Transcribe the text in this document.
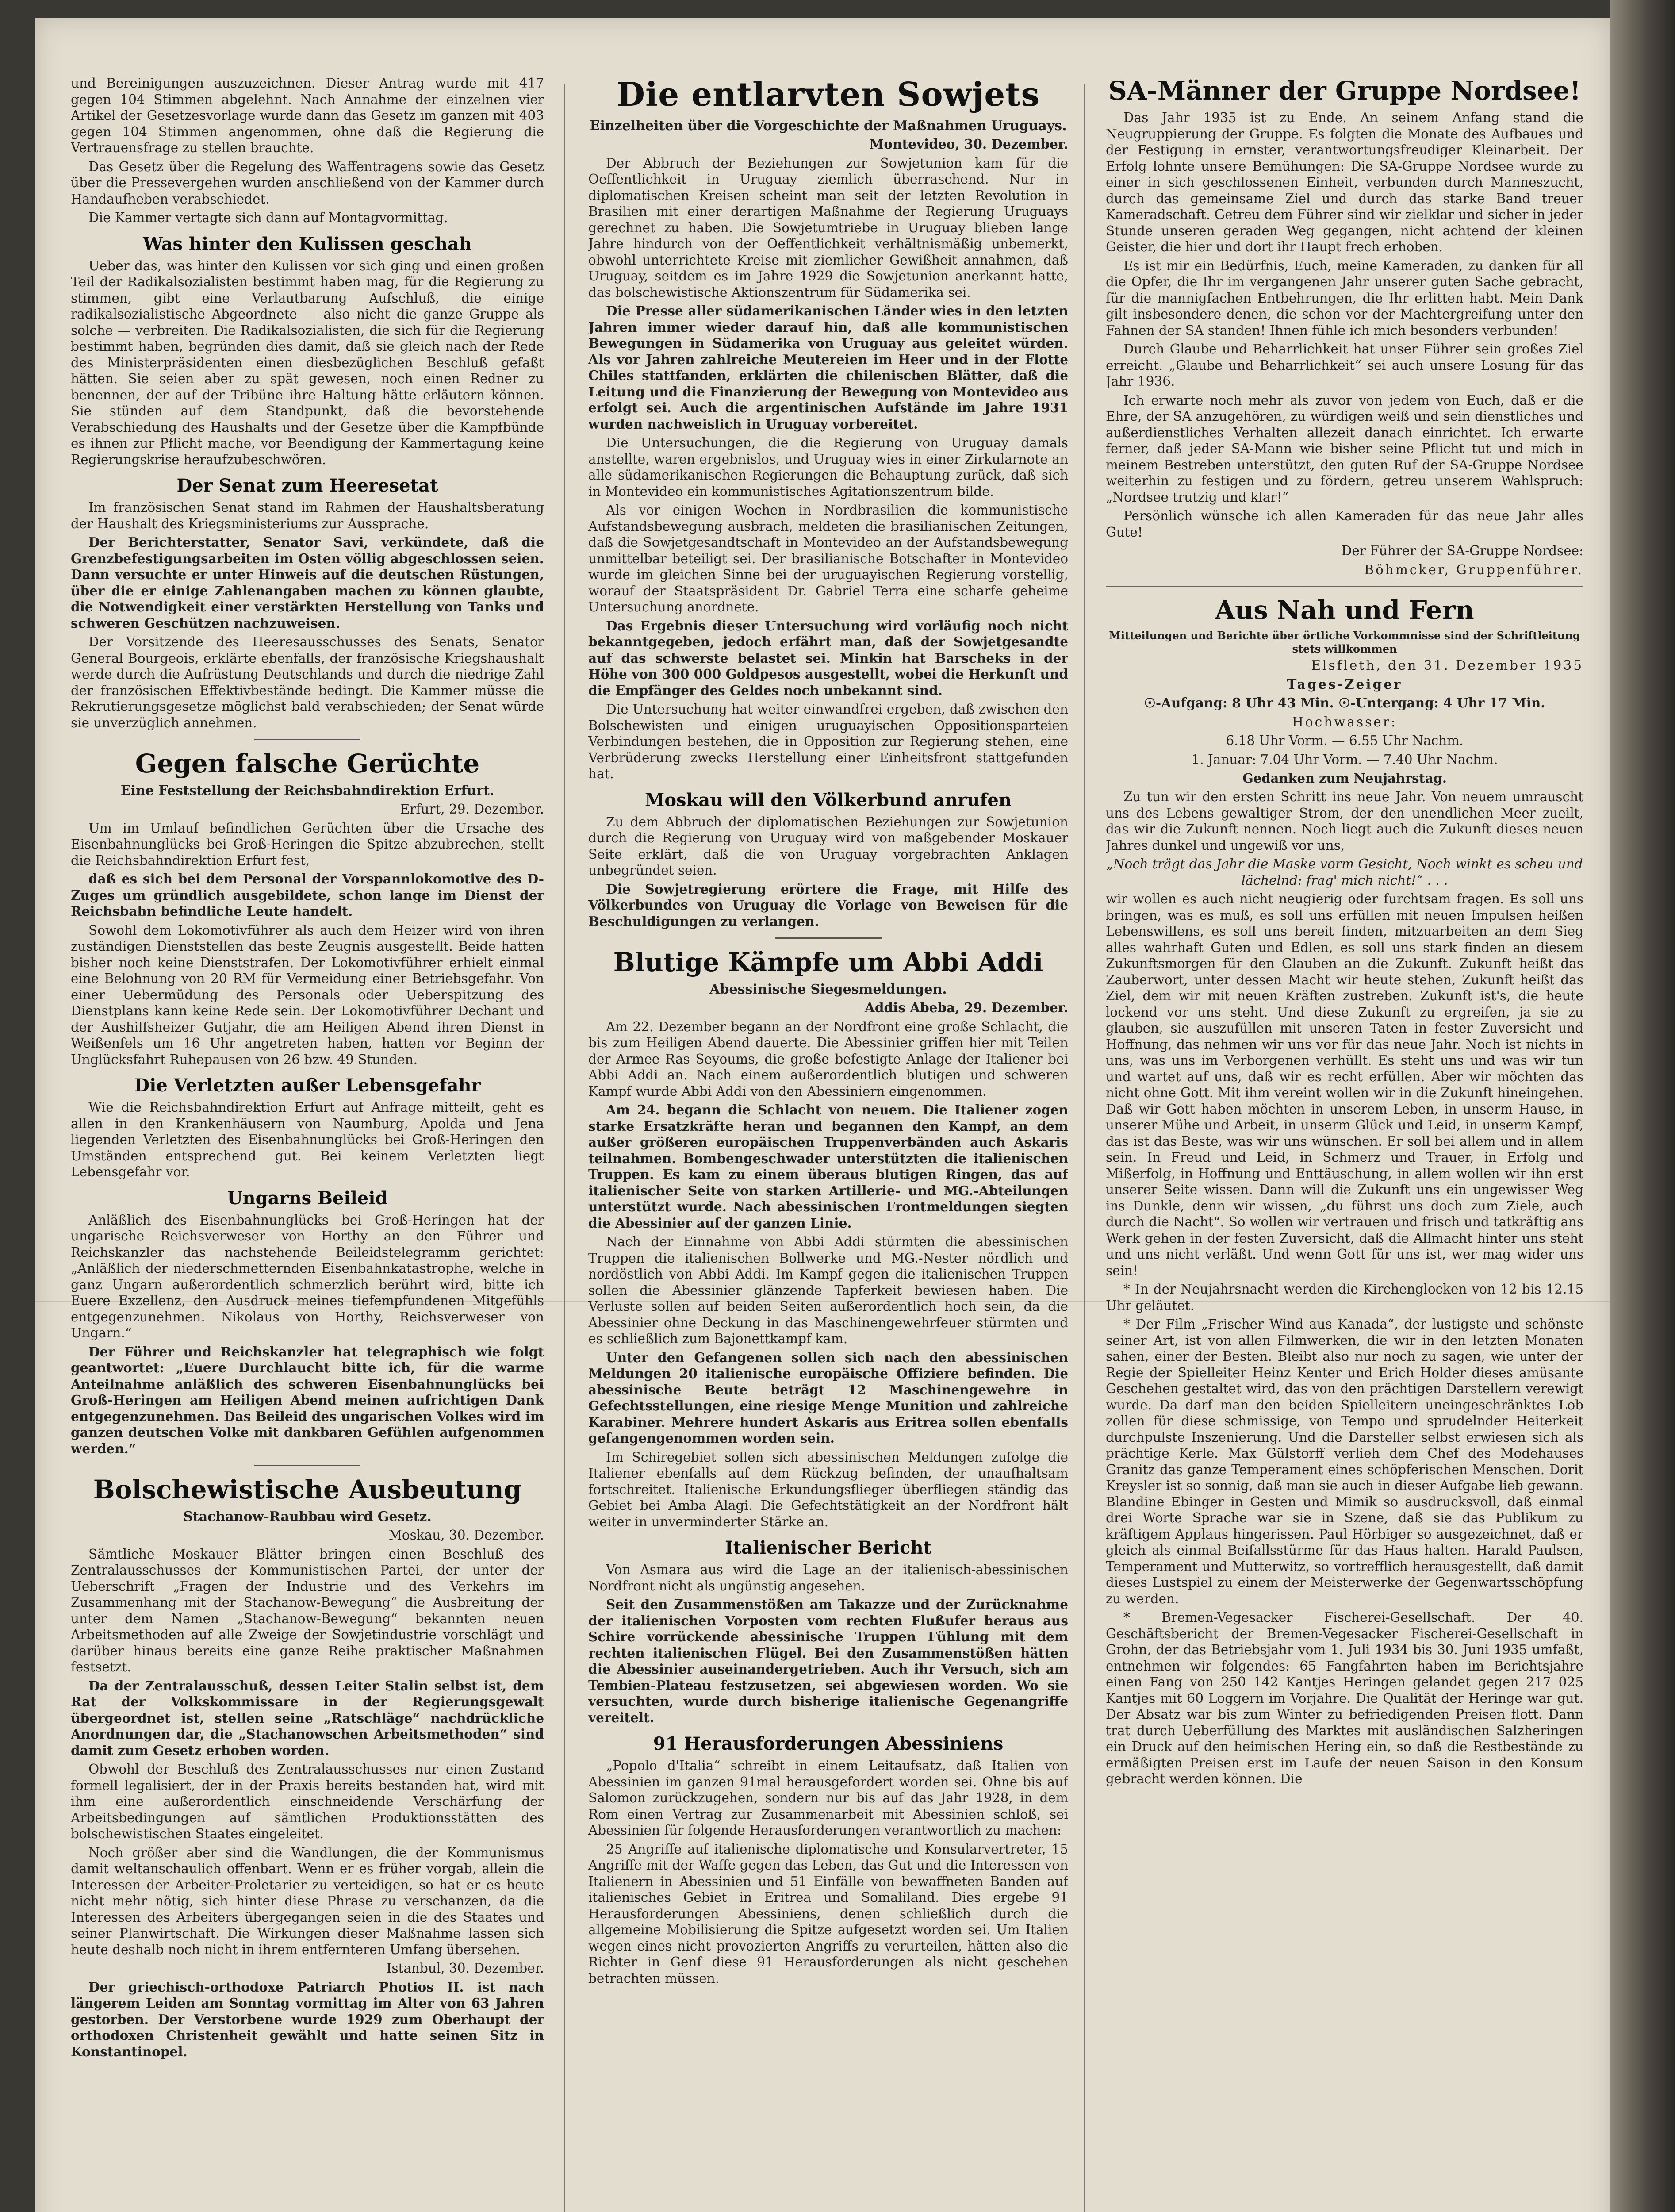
und Bereinigungen auszuzeichnen. Dieser Antrag wurde mit 417 gegen 104 Stimmen abgelehnt. Nach Annahme der einzelnen vier Artikel der Gesetzesvorlage wurde dann das Gesetz im ganzen mit 403 gegen 104 Stimmen angenommen, ohne daß die Regierung die Vertrauensfrage zu stellen brauchte.

Das Gesetz über die Regelung des Waffentragens sowie das Gesetz über die Pressevergehen wurden anschließend von der Kammer durch Handaufheben verabschiedet.

Die Kammer vertagte sich dann auf Montagvormittag.

Was hinter den Kulissen geschah

Ueber das, was hinter den Kulissen vor sich ging und einen großen Teil der Radikalsozialisten bestimmt haben mag, für die Regierung zu stimmen, gibt eine Verlautbarung Aufschluß, die einige radikalsozialistische Abgeordnete — also nicht die ganze Gruppe als solche — verbreiten. Die Radikalsozialisten, die sich für die Regierung bestimmt haben, begründen dies damit, daß sie gleich nach der Rede des Ministerpräsidenten einen diesbezüglichen Beschluß gefaßt hätten. Sie seien aber zu spät gewesen, noch einen Redner zu benennen, der auf der Tribüne ihre Haltung hätte erläutern können. Sie stünden auf dem Standpunkt, daß die bevorstehende Verabschiedung des Haushalts und der Gesetze über die Kampfbünde es ihnen zur Pflicht mache, vor Beendigung der Kammertagung keine Regierungskrise heraufzubeschwören.

Der Senat zum Heeresetat

Im französischen Senat stand im Rahmen der Haushaltsberatung der Haushalt des Kriegsministeriums zur Aussprache.

Der Berichterstatter, Senator Savi, verkündete, daß die Grenzbefestigungsarbeiten im Osten völlig abgeschlossen seien. Dann versuchte er unter Hinweis auf die deutschen Rüstungen, über die er einige Zahlenangaben machen zu können glaubte, die Notwendigkeit einer verstärkten Herstellung von Tanks und schweren Geschützen nachzuweisen.

Der Vorsitzende des Heeresausschusses des Senats, Senator General Bourgeois, erklärte ebenfalls, der französische Kriegshaushalt werde durch die Aufrüstung Deutschlands und durch die niedrige Zahl der französischen Effektivbestände bedingt. Die Kammer müsse die Rekrutierungsgesetze möglichst bald verabschieden; der Senat würde sie unverzüglich annehmen.

Gegen falsche Gerüchte
Eine Feststellung der Reichsbahndirektion Erfurt.

Erfurt, 29. Dezember.

Um im Umlauf befindlichen Gerüchten über die Ursache des Eisenbahnunglücks bei Groß-Heringen die Spitze abzubrechen, stellt die Reichsbahndirektion Erfurt fest,

daß es sich bei dem Personal der Vorspannlokomotive des D-Zuges um gründlich ausgebildete, schon lange im Dienst der Reichsbahn befindliche Leute handelt.

Sowohl dem Lokomotivführer als auch dem Heizer wird von ihren zuständigen Dienststellen das beste Zeugnis ausgestellt. Beide hatten bisher noch keine Dienststrafen. Der Lokomotivführer erhielt einmal eine Belohnung von 20 RM für Vermeidung einer Betriebsgefahr. Von einer Uebermüdung des Personals oder Ueberspitzung des Dienstplans kann keine Rede sein. Der Lokomotivführer Dechant und der Aushilfsheizer Gutjahr, die am Heiligen Abend ihren Dienst in Weißenfels um 16 Uhr angetreten haben, hatten vor Beginn der Unglücksfahrt Ruhepausen von 26 bzw. 49 Stunden.

Die Verletzten außer Lebensgefahr

Wie die Reichsbahndirektion Erfurt auf Anfrage mitteilt, geht es allen in den Krankenhäusern von Naumburg, Apolda und Jena liegenden Verletzten des Eisenbahnunglücks bei Groß-Heringen den Umständen entsprechend gut. Bei keinem Verletzten liegt Lebensgefahr vor.

Ungarns Beileid

Anläßlich des Eisenbahnunglücks bei Groß-Heringen hat der ungarische Reichsverweser von Horthy an den Führer und Reichskanzler das nachstehende Beileidstelegramm gerichtet: „Anläßlich der niederschmetternden Eisenbahnkatastrophe, welche in ganz Ungarn außerordentlich schmerzlich berührt wird, bitte ich Euere Exzellenz, den Ausdruck meines tiefempfundenen Mitgefühls entgegenzunehmen. Nikolaus von Horthy, Reichsverweser von Ungarn.“

Der Führer und Reichskanzler hat telegraphisch wie folgt geantwortet: „Euere Durchlaucht bitte ich, für die warme Anteilnahme anläßlich des schweren Eisenbahnunglücks bei Groß-Heringen am Heiligen Abend meinen aufrichtigen Dank entgegenzunehmen. Das Beileid des ungarischen Volkes wird im ganzen deutschen Volke mit dankbaren Gefühlen aufgenommen werden.“

Bolschewistische Ausbeutung
Stachanow-Raubbau wird Gesetz.

Moskau, 30. Dezember.

Sämtliche Moskauer Blätter bringen einen Beschluß des Zentralausschusses der Kommunistischen Partei, der unter der Ueberschrift „Fragen der Industrie und des Verkehrs im Zusammenhang mit der Stachanow-Bewegung“ die Ausbreitung der unter dem Namen „Stachanow-Bewegung“ bekannten neuen Arbeitsmethoden auf alle Zweige der Sowjetindustrie vorschlägt und darüber hinaus bereits eine ganze Reihe praktischer Maßnahmen festsetzt.

Da der Zentralausschuß, dessen Leiter Stalin selbst ist, dem Rat der Volkskommissare in der Regierungsgewalt übergeordnet ist, stellen seine „Ratschläge“ nachdrückliche Anordnungen dar, die „Stachanowschen Arbeitsmethoden“ sind damit zum Gesetz erhoben worden.

Obwohl der Beschluß des Zentralausschusses nur einen Zustand formell legalisiert, der in der Praxis bereits bestanden hat, wird mit ihm eine außerordentlich einschneidende Verschärfung der Arbeitsbedingungen auf sämtlichen Produktionsstätten des bolschewistischen Staates eingeleitet.

Noch größer aber sind die Wandlungen, die der Kommunismus damit weltanschaulich offenbart. Wenn er es früher vorgab, allein die Interessen der Arbeiter-Proletarier zu verteidigen, so hat er es heute nicht mehr nötig, sich hinter diese Phrase zu verschanzen, da die Interessen des Arbeiters übergegangen seien in die des Staates und seiner Planwirtschaft. Die Wirkungen dieser Maßnahme lassen sich heute deshalb noch nicht in ihrem entfernteren Umfang übersehen.

Istanbul, 30. Dezember.

Der griechisch-orthodoxe Patriarch Photios II. ist nach längerem Leiden am Sonntag vormittag im Alter von 63 Jahren gestorben. Der Verstorbene wurde 1929 zum Oberhaupt der orthodoxen Christenheit gewählt und hatte seinen Sitz in Konstantinopel.

Die entlarvten Sowjets
Einzelheiten über die Vorgeschichte der Maßnahmen Uruguays.

Montevideo, 30. Dezember.

Der Abbruch der Beziehungen zur Sowjetunion kam für die Oeffentlichkeit in Uruguay ziemlich überraschend. Nur in diplomatischen Kreisen scheint man seit der letzten Revolution in Brasilien mit einer derartigen Maßnahme der Regierung Uruguays gerechnet zu haben. Die Sowjetumtriebe in Uruguay blieben lange Jahre hindurch von der Oeffentlichkeit verhältnismäßig unbemerkt, obwohl unterrichtete Kreise mit ziemlicher Gewißheit annahmen, daß Uruguay, seitdem es im Jahre 1929 die Sowjetunion anerkannt hatte, das bolschewistische Aktionszentrum für Südamerika sei.

Die Presse aller südamerikanischen Länder wies in den letzten Jahren immer wieder darauf hin, daß alle kommunistischen Bewegungen in Südamerika von Uruguay aus geleitet würden. Als vor Jahren zahlreiche Meutereien im Heer und in der Flotte Chiles stattfanden, erklärten die chilenischen Blätter, daß die Leitung und die Finanzierung der Bewegung von Montevideo aus erfolgt sei. Auch die argentinischen Aufstände im Jahre 1931 wurden nachweislich in Uruguay vorbereitet.

Die Untersuchungen, die die Regierung von Uruguay damals anstellte, waren ergebnislos, und Uruguay wies in einer Zirkularnote an alle südamerikanischen Regierungen die Behauptung zurück, daß sich in Montevideo ein kommunistisches Agitationszentrum bilde.

Als vor einigen Wochen in Nordbrasilien die kommunistische Aufstandsbewegung ausbrach, meldeten die brasilianischen Zeitungen, daß die Sowjetgesandtschaft in Montevideo an der Aufstandsbewegung unmittelbar beteiligt sei. Der brasilianische Botschafter in Montevideo wurde im gleichen Sinne bei der uruguayischen Regierung vorstellig, worauf der Staatspräsident Dr. Gabriel Terra eine scharfe geheime Untersuchung anordnete.

Das Ergebnis dieser Untersuchung wird vorläufig noch nicht bekanntgegeben, jedoch erfährt man, daß der Sowjetgesandte auf das schwerste belastet sei. Minkin hat Barscheks in der Höhe von 300 000 Goldpesos ausgestellt, wobei die Herkunft und die Empfänger des Geldes noch unbekannt sind.

Die Untersuchung hat weiter einwandfrei ergeben, daß zwischen den Bolschewisten und einigen uruguayischen Oppositionsparteien Verbindungen bestehen, die in Opposition zur Regierung stehen, eine Verbrüderung zwecks Herstellung einer Einheitsfront stattgefunden hat.

Moskau will den Völkerbund anrufen

Zu dem Abbruch der diplomatischen Beziehungen zur Sowjetunion durch die Regierung von Uruguay wird von maßgebender Moskauer Seite erklärt, daß die von Uruguay vorgebrachten Anklagen unbegründet seien.

Die Sowjetregierung erörtere die Frage, mit Hilfe des Völkerbundes von Uruguay die Vorlage von Beweisen für die Beschuldigungen zu verlangen.

Blutige Kämpfe um Abbi Addi
Abessinische Siegesmeldungen.

Addis Abeba, 29. Dezember.

Am 22. Dezember begann an der Nordfront eine große Schlacht, die bis zum Heiligen Abend dauerte. Die Abessinier griffen hier mit Teilen der Armee Ras Seyoums, die große befestigte Anlage der Italiener bei Abbi Addi an. Nach einem außerordentlich blutigen und schweren Kampf wurde Abbi Addi von den Abessiniern eingenommen.

Am 24. begann die Schlacht von neuem. Die Italiener zogen starke Ersatzkräfte heran und begannen den Kampf, an dem außer größeren europäischen Truppenverbänden auch Askaris teilnahmen. Bombengeschwader unterstützten die italienischen Truppen. Es kam zu einem überaus blutigen Ringen, das auf italienischer Seite von starken Artillerie- und MG.-Abteilungen unterstützt wurde. Nach abessinischen Frontmeldungen siegten die Abessinier auf der ganzen Linie.

Nach der Einnahme von Abbi Addi stürmten die abessinischen Truppen die italienischen Bollwerke und MG.-Nester nördlich und nordöstlich von Abbi Addi. Im Kampf gegen die italienischen Truppen sollen die Abessinier glänzende Tapferkeit bewiesen haben. Die Verluste sollen auf beiden Seiten außerordentlich hoch sein, da die Abessinier ohne Deckung in das Maschinengewehrfeuer stürmten und es schließlich zum Bajonettkampf kam.

Unter den Gefangenen sollen sich nach den abessinischen Meldungen 20 italienische europäische Offiziere befinden. Die abessinische Beute beträgt 12 Maschinengewehre in Gefechtsstellungen, eine riesige Menge Munition und zahlreiche Karabiner. Mehrere hundert Askaris aus Eritrea sollen ebenfalls gefangengenommen worden sein.

Im Schiregebiet sollen sich abessinischen Meldungen zufolge die Italiener ebenfalls auf dem Rückzug befinden, der unaufhaltsam fortschreitet. Italienische Erkundungsflieger überfliegen ständig das Gebiet bei Amba Alagi. Die Gefechtstätigkeit an der Nordfront hält weiter in unverminderter Stärke an.

Italienischer Bericht

Von Asmara aus wird die Lage an der italienisch-abessinischen Nordfront nicht als ungünstig angesehen.

Seit den Zusammenstößen am Takazze und der Zurücknahme der italienischen Vorposten vom rechten Flußufer heraus aus Schire vorrückende abessinische Truppen Fühlung mit dem rechten italienischen Flügel. Bei den Zusammenstößen hätten die Abessinier auseinandergetrieben. Auch ihr Versuch, sich am Tembien-Plateau festzusetzen, sei abgewiesen worden. Wo sie versuchten, wurde durch bisherige italienische Gegenangriffe vereitelt.

91 Herausforderungen Abessiniens

„Popolo d'Italia“ schreibt in einem Leitaufsatz, daß Italien von Abessinien im ganzen 91mal herausgefordert worden sei. Ohne bis auf Salomon zurückzugehen, sondern nur bis auf das Jahr 1928, in dem Rom einen Vertrag zur Zusammenarbeit mit Abessinien schloß, sei Abessinien für folgende Herausforderungen verantwortlich zu machen:

25 Angriffe auf italienische diplomatische und Konsularvertreter, 15 Angriffe mit der Waffe gegen das Leben, das Gut und die Interessen von Italienern in Abessinien und 51 Einfälle von bewaffneten Banden auf italienisches Gebiet in Eritrea und Somaliland. Dies ergebe 91 Herausforderungen Abessiniens, denen schließlich durch die allgemeine Mobilisierung die Spitze aufgesetzt worden sei. Um Italien wegen eines nicht provozierten Angriffs zu verurteilen, hätten also die Richter in Genf diese 91 Herausforderungen als nicht geschehen betrachten müssen.

SA-Männer der Gruppe Nordsee!

Das Jahr 1935 ist zu Ende. An seinem Anfang stand die Neugruppierung der Gruppe. Es folgten die Monate des Aufbaues und der Festigung in ernster, verantwortungsfreudiger Kleinarbeit. Der Erfolg lohnte unsere Bemühungen: Die SA-Gruppe Nordsee wurde zu einer in sich geschlossenen Einheit, verbunden durch Manneszucht, durch das gemeinsame Ziel und durch das starke Band treuer Kameradschaft. Getreu dem Führer sind wir zielklar und sicher in jeder Stunde unseren geraden Weg gegangen, nicht achtend der kleinen Geister, die hier und dort ihr Haupt frech erhoben.

Es ist mir ein Bedürfnis, Euch, meine Kameraden, zu danken für all die Opfer, die Ihr im vergangenen Jahr unserer guten Sache gebracht, für die mannigfachen Entbehrungen, die Ihr erlitten habt. Mein Dank gilt insbesondere denen, die schon vor der Machtergreifung unter den Fahnen der SA standen! Ihnen fühle ich mich besonders verbunden!

Durch Glaube und Beharrlichkeit hat unser Führer sein großes Ziel erreicht. „Glaube und Beharrlichkeit“ sei auch unsere Losung für das Jahr 1936.

Ich erwarte noch mehr als zuvor von jedem von Euch, daß er die Ehre, der SA anzugehören, zu würdigen weiß und sein dienstliches und außerdienstliches Verhalten allezeit danach einrichtet. Ich erwarte ferner, daß jeder SA-Mann wie bisher seine Pflicht tut und mich in meinem Bestreben unterstützt, den guten Ruf der SA-Gruppe Nordsee weiterhin zu festigen und zu fördern, getreu unserem Wahlspruch: „Nordsee trutzig und klar!“

Persönlich wünsche ich allen Kameraden für das neue Jahr alles Gute!

Der Führer der SA-Gruppe Nordsee:

Böhmcker, Gruppenführer.

Aus Nah und Fern
Mitteilungen und Berichte über örtliche Vorkommnisse sind der Schriftleitung stets willkommen

Elsfleth, den 31. Dezember 1935

Tages-Zeiger

☉-Aufgang: 8 Uhr 43 Min. ☉-Untergang: 4 Uhr 17 Min.

Hochwasser:

6.18 Uhr Vorm. — 6.55 Uhr Nachm.

1. Januar: 7.04 Uhr Vorm. — 7.40 Uhr Nachm.

Gedanken zum Neujahrstag.

Zu tun wir den ersten Schritt ins neue Jahr. Von neuem umrauscht uns des Lebens gewaltiger Strom, der den unendlichen Meer zueilt, das wir die Zukunft nennen. Noch liegt auch die Zukunft dieses neuen Jahres dunkel und ungewiß vor uns,

„Noch trägt das Jahr die Maske vorm Gesicht, Noch winkt es scheu und lächelnd: frag' mich nicht!“ . . .

wir wollen es auch nicht neugierig oder furchtsam fragen. Es soll uns bringen, was es muß, es soll uns erfüllen mit neuen Impulsen heißen Lebenswillens, es soll uns bereit finden, mitzuarbeiten an dem Sieg alles wahrhaft Guten und Edlen, es soll uns stark finden an diesem Zukunftsmorgen für den Glauben an die Zukunft. Zukunft heißt das Zauberwort, unter dessen Macht wir heute stehen, Zukunft heißt das Ziel, dem wir mit neuen Kräften zustreben. Zukunft ist's, die heute lockend vor uns steht. Und diese Zukunft zu ergreifen, ja sie zu glauben, sie auszufüllen mit unseren Taten in fester Zuversicht und Hoffnung, das nehmen wir uns vor für das neue Jahr. Noch ist nichts in uns, was uns im Verborgenen verhüllt. Es steht uns und was wir tun und wartet auf uns, daß wir es recht erfüllen. Aber wir möchten das nicht ohne Gott. Mit ihm vereint wollen wir in die Zukunft hineingehen. Daß wir Gott haben möchten in unserem Leben, in unserm Hause, in unserer Mühe und Arbeit, in unserm Glück und Leid, in unserm Kampf, das ist das Beste, was wir uns wünschen. Er soll bei allem und in allem sein. In Freud und Leid, in Schmerz und Trauer, in Erfolg und Mißerfolg, in Hoffnung und Enttäuschung, in allem wollen wir ihn erst unserer Seite wissen. Dann will die Zukunft uns ein ungewisser Weg ins Dunkle, denn wir wissen, „du führst uns doch zum Ziele, auch durch die Nacht“. So wollen wir vertrauen und frisch und tatkräftig ans Werk gehen in der festen Zuversicht, daß die Allmacht hinter uns steht und uns nicht verläßt. Und wenn Gott für uns ist, wer mag wider uns sein!

* In der Neujahrsnacht werden die Kirchenglocken von 12 bis 12.15 Uhr geläutet.

* Der Film „Frischer Wind aus Kanada“, der lustigste und schönste seiner Art, ist von allen Filmwerken, die wir in den letzten Monaten sahen, einer der Besten. Bleibt also nur noch zu sagen, wie unter der Regie der Spielleiter Heinz Kenter und Erich Holder dieses amüsante Geschehen gestaltet wird, das von den prächtigen Darstellern verewigt wurde. Da darf man den beiden Spielleitern uneingeschränktes Lob zollen für diese schmissige, von Tempo und sprudelnder Heiterkeit durchpulste Inszenierung. Und die Darsteller selbst erwiesen sich als prächtige Kerle. Max Gülstorff verlieh dem Chef des Modehauses Granitz das ganze Temperament eines schöpferischen Menschen. Dorit Kreysler ist so sonnig, daß man sie auch in dieser Aufgabe lieb gewann. Blandine Ebinger in Gesten und Mimik so ausdrucksvoll, daß einmal drei Worte Sprache war sie in Szene, daß sie das Publikum zu kräftigem Applaus hingerissen. Paul Hörbiger so ausgezeichnet, daß er gleich als einmal Beifallsstürme für das Haus halten. Harald Paulsen, Temperament und Mutterwitz, so vortrefflich herausgestellt, daß damit dieses Lustspiel zu einem der Meisterwerke der Gegenwartsschöpfung zu werden.

* Bremen-Vegesacker Fischerei-Gesellschaft. Der 40. Geschäftsbericht der Bremen-Vegesacker Fischerei-Gesellschaft in Grohn, der das Betriebsjahr vom 1. Juli 1934 bis 30. Juni 1935 umfaßt, entnehmen wir folgendes: 65 Fangfahrten haben im Berichtsjahre einen Fang von 250 142 Kantjes Heringen gelandet gegen 217 025 Kantjes mit 60 Loggern im Vorjahre. Die Qualität der Heringe war gut. Der Absatz war bis zum Winter zu befriedigenden Preisen flott. Dann trat durch Ueberfüllung des Marktes mit ausländischen Salzheringen ein Druck auf den heimischen Hering ein, so daß die Restbestände zu ermäßigten Preisen erst im Laufe der neuen Saison in den Konsum gebracht werden können. Die
